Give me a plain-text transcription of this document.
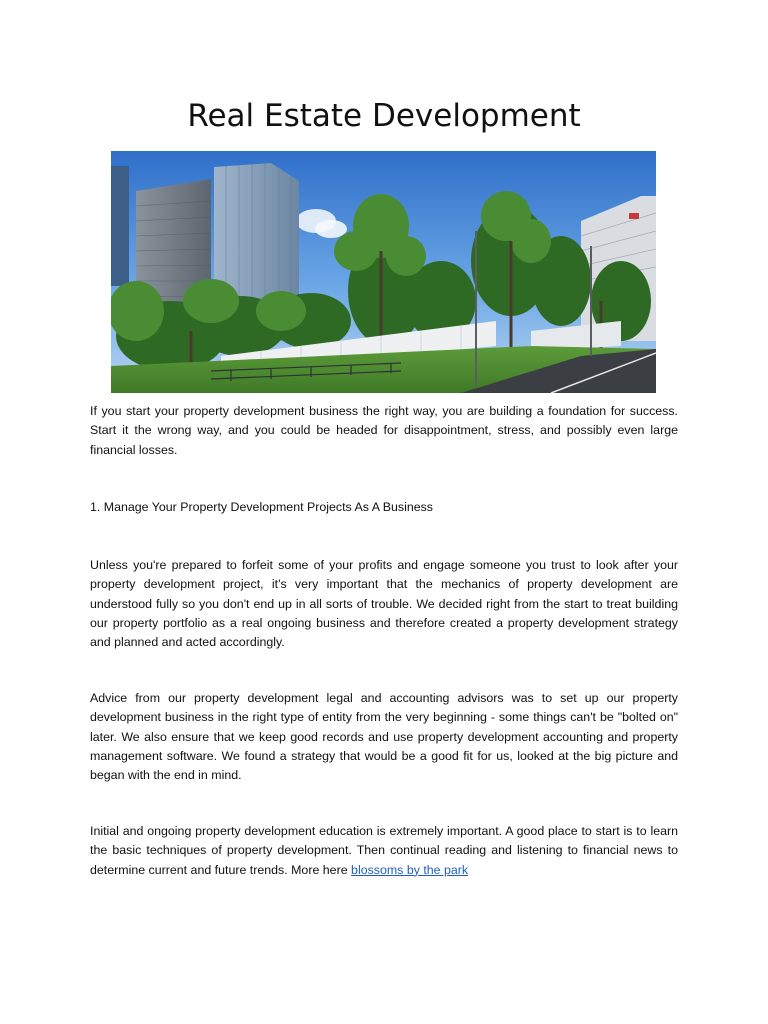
Real Estate Development

If you start your property development business the right way, you are building a foundation for success. Start it the wrong way, and you could be headed for disappointment, stress, and possibly even large financial losses.

1. Manage Your Property Development Projects As A Business

Unless you're prepared to forfeit some of your profits and engage someone you trust to look after your property development project, it's very important that the mechanics of property development are understood fully so you don't end up in all sorts of trouble. We decided right from the start to treat building our property portfolio as a real ongoing business and therefore created a property development strategy and planned and acted accordingly.

Advice from our property development legal and accounting advisors was to set up our property development business in the right type of entity from the very beginning - some things can't be "bolted on" later. We also ensure that we keep good records and use property development accounting and property management software. We found a strategy that would be a good fit for us, looked at the big picture and began with the end in mind.

Initial and ongoing property development education is extremely important. A good place to start is to learn the basic techniques of property development. Then continual reading and listening to financial news to determine current and future trends. More here blossoms by the park
